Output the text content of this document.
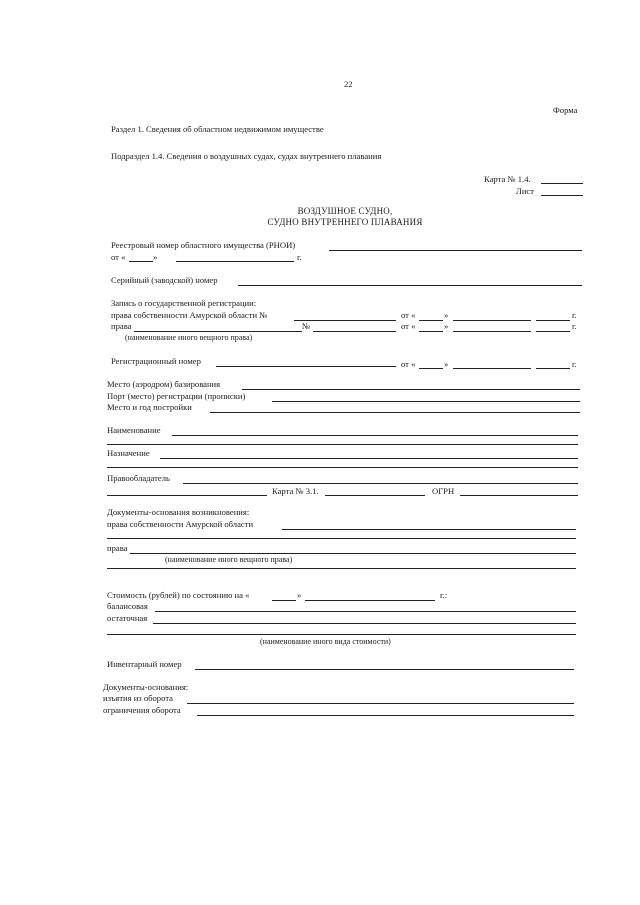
22
Форма
Раздел 1. Сведения об областном недвижимом имуществе
Подраздел 1.4. Сведения о воздушных судах, судах внутреннего плавания
Карта № 1.4.
Лист
ВОЗДУШНОЕ СУДНО,
СУДНО ВНУТРЕННЕГО ПЛАВАНИЯ
Реестровый номер областного имущества (РНОИ)
от «	»	г.
Серийный (заводской) номер
Запись о государственной регистрации:
права собственности Амурской области №	от «	»	г.
права	№	от «	»	г.
(наименование иного вещного права)
Регистрационный номер	от «	»	г.
Место (аэродром) базирования
Порт (место) регистрации (прописки)
Место и год постройки
Наименование
Назначение
Правообладатель
Карта № 3.1.	ОГРН
Документы-основания возникновения:
права собственности Амурской области
права
(наименование иного вещного права)
Стоимость (рублей) по состоянию на «	»	г.:
балансовая
остаточная
(наименование иного вида стоимости)
Инвентарный номер
Документы-основания:
изъятия из оборота
ограничения оборота
